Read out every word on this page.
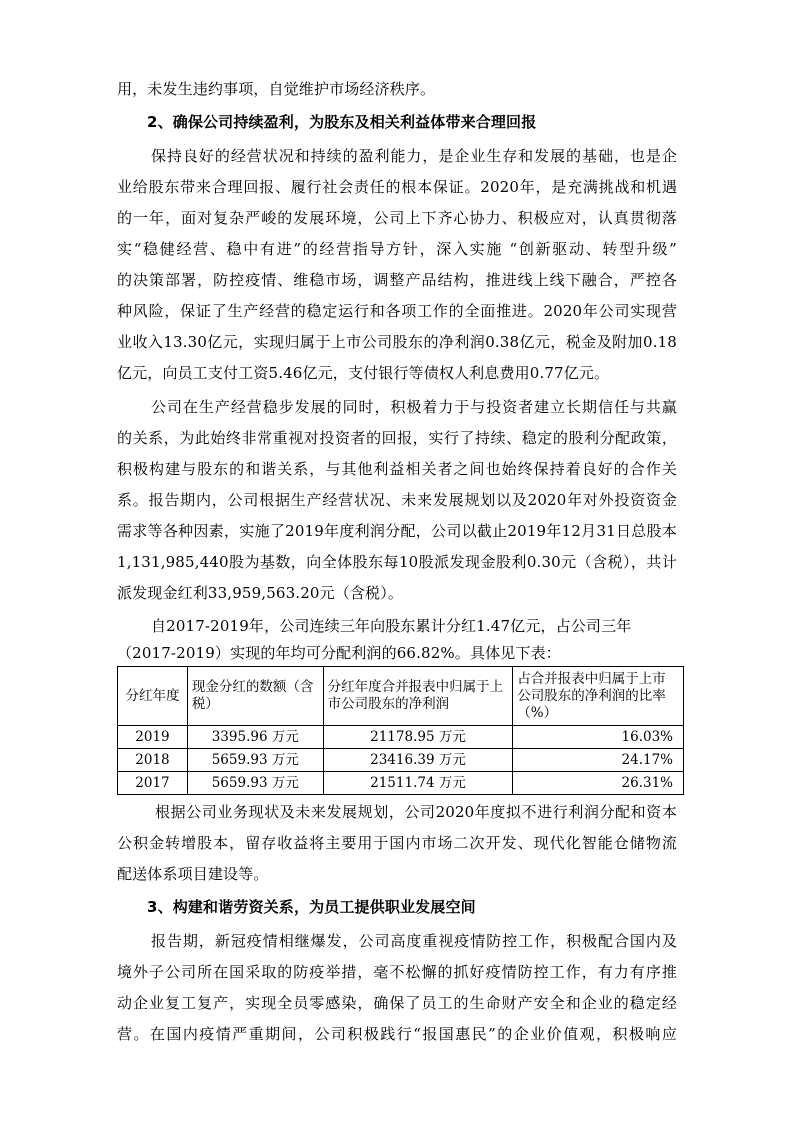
用，未发生违约事项，自觉维护市场经济秩序。
2、确保公司持续盈利，为股东及相关利益体带来合理回报
保持良好的经营状况和持续的盈利能力，是企业生存和发展的基础，也是企
业给股东带来合理回报、履行社会责任的根本保证。2020年，是充满挑战和机遇
的一年，面对复杂严峻的发展环境，公司上下齐心协力、积极应对，认真贯彻落
实“稳健经营、稳中有进”的经营指导方针，深入实施 “创新驱动、转型升级”
的决策部署，防控疫情、维稳市场，调整产品结构，推进线上线下融合，严控各
种风险，保证了生产经营的稳定运行和各项工作的全面推进。2020年公司实现营
业收入13.30亿元，实现归属于上市公司股东的净利润0.38亿元，税金及附加0.18
亿元，向员工支付工资5.46亿元，支付银行等债权人利息费用0.77亿元。
公司在生产经营稳步发展的同时，积极着力于与投资者建立长期信任与共赢
的关系，为此始终非常重视对投资者的回报，实行了持续、稳定的股利分配政策，
积极构建与股东的和谐关系，与其他利益相关者之间也始终保持着良好的合作关
系。报告期内，公司根据生产经营状况、未来发展规划以及2020年对外投资资金
需求等各种因素，实施了2019年度利润分配，公司以截止2019年12月31日总股本
1,131,985,440股为基数，向全体股东每10股派发现金股利0.30元（含税），共计
派发现金红利33,959,563.20元（含税）。
自2017-2019年，公司连续三年向股东累计分红1.47亿元，占公司三年
（2017-2019）实现的年均可分配利润的66.82%。具体见下表：
分红年度	现金分红的数额（含税）	分红年度合并报表中归属于上市公司股东的净利润	占合并报表中归属于上市公司股东的净利润的比率（%）
2019	3395.96 万元	21178.95 万元	16.03%
2018	5659.93 万元	23416.39 万元	24.17%
2017	5659.93 万元	21511.74 万元	26.31%
根据公司业务现状及未来发展规划，公司2020年度拟不进行利润分配和资本
公积金转增股本，留存收益将主要用于国内市场二次开发、现代化智能仓储物流
配送体系项目建设等。
3、构建和谐劳资关系，为员工提供职业发展空间
报告期，新冠疫情相继爆发，公司高度重视疫情防控工作，积极配合国内及
境外子公司所在国采取的防疫举措，毫不松懈的抓好疫情防控工作，有力有序推
动企业复工复产，实现全员零感染，确保了员工的生命财产安全和企业的稳定经
营。在国内疫情严重期间，公司积极践行“报国惠民”的企业价值观，积极响应
